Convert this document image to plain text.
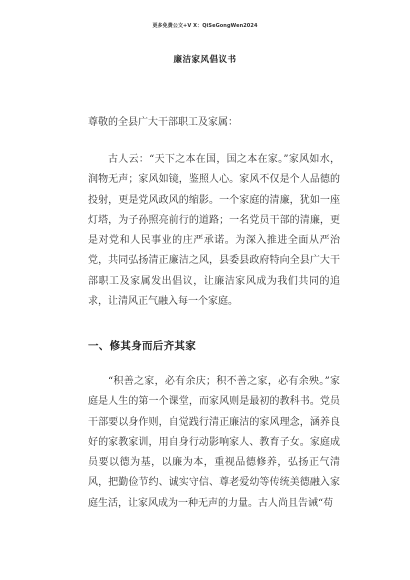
更多免费公文+V X：QiSeGongWen2024
廉洁家风倡议书
尊敬的全县广大干部职工及家属：
古人云：“天下之本在国，国之本在家。”家风如水，润物无声；家风如镜，鉴照人心。家风不仅是个人品德的投射，更是党风政风的缩影。一个家庭的清廉，犹如一座灯塔，为子孙照亮前行的道路；一名党员干部的清廉，更是对党和人民事业的庄严承诺。为深入推进全面从严治党，共同弘扬清正廉洁之风，县委县政府特向全县广大干部职工及家属发出倡议，让廉洁家风成为我们共同的追求，让清风正气融入每一个家庭。
一、修其身而后齐其家
“积善之家，必有余庆；积不善之家，必有余殃。”家庭是人生的第一个课堂，而家风则是最初的教科书。党员干部要以身作则，自觉践行清正廉洁的家风理念，涵养良好的家教家训，用自身行动影响家人、教育子女。家庭成员要以德为基，以廉为本，重视品德修养，弘扬正气清风，把勤俭节约、诚实守信、尊老爱幼等传统美德融入家庭生活，让家风成为一种无声的力量。古人尚且告诫“苟
